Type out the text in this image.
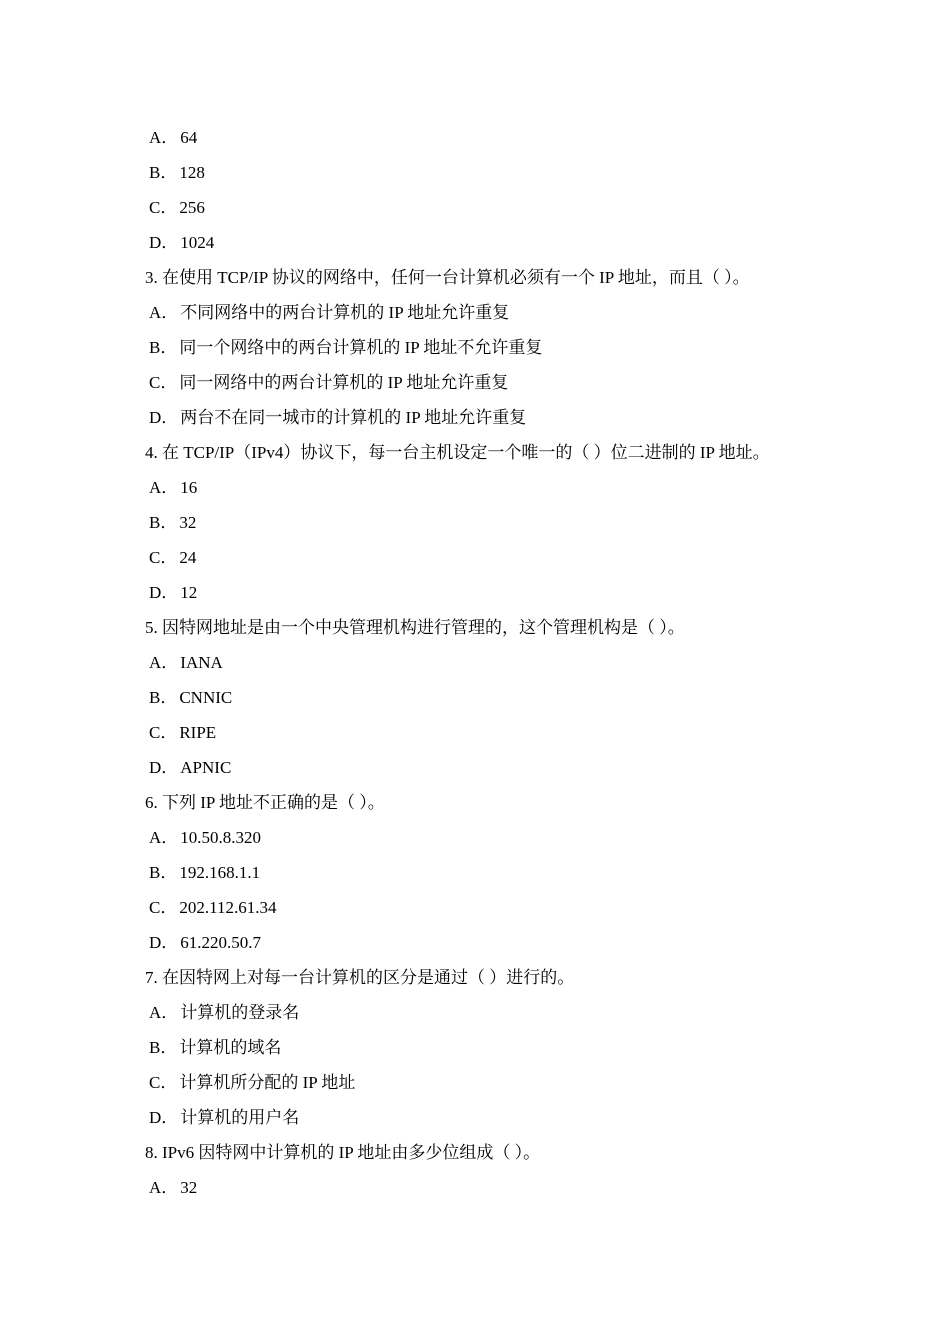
A． 64
B． 128
C． 256
D． 1024
3. 在使用 TCP/IP 协议的网络中，任何一台计算机必须有一个 IP 地址，而且（ ）。
A． 不同网络中的两台计算机的 IP 地址允许重复
B． 同一个网络中的两台计算机的 IP 地址不允许重复
C． 同一网络中的两台计算机的 IP 地址允许重复
D． 两台不在同一城市的计算机的 IP 地址允许重复
4. 在 TCP/IP（IPv4）协议下，每一台主机设定一个唯一的（ ）位二进制的 IP 地址。
A． 16
B． 32
C． 24
D． 12
5. 因特网地址是由一个中央管理机构进行管理的，这个管理机构是（ ）。
A． IANA
B． CNNIC
C． RIPE
D． APNIC
6. 下列 IP 地址不正确的是（ ）。
A． 10.50.8.320
B． 192.168.1.1
C． 202.112.61.34
D． 61.220.50.7
7. 在因特网上对每一台计算机的区分是通过（ ）进行的。
A． 计算机的登录名
B． 计算机的域名
C． 计算机所分配的 IP 地址
D． 计算机的用户名
8. IPv6 因特网中计算机的 IP 地址由多少位组成（ ）。
A． 32
